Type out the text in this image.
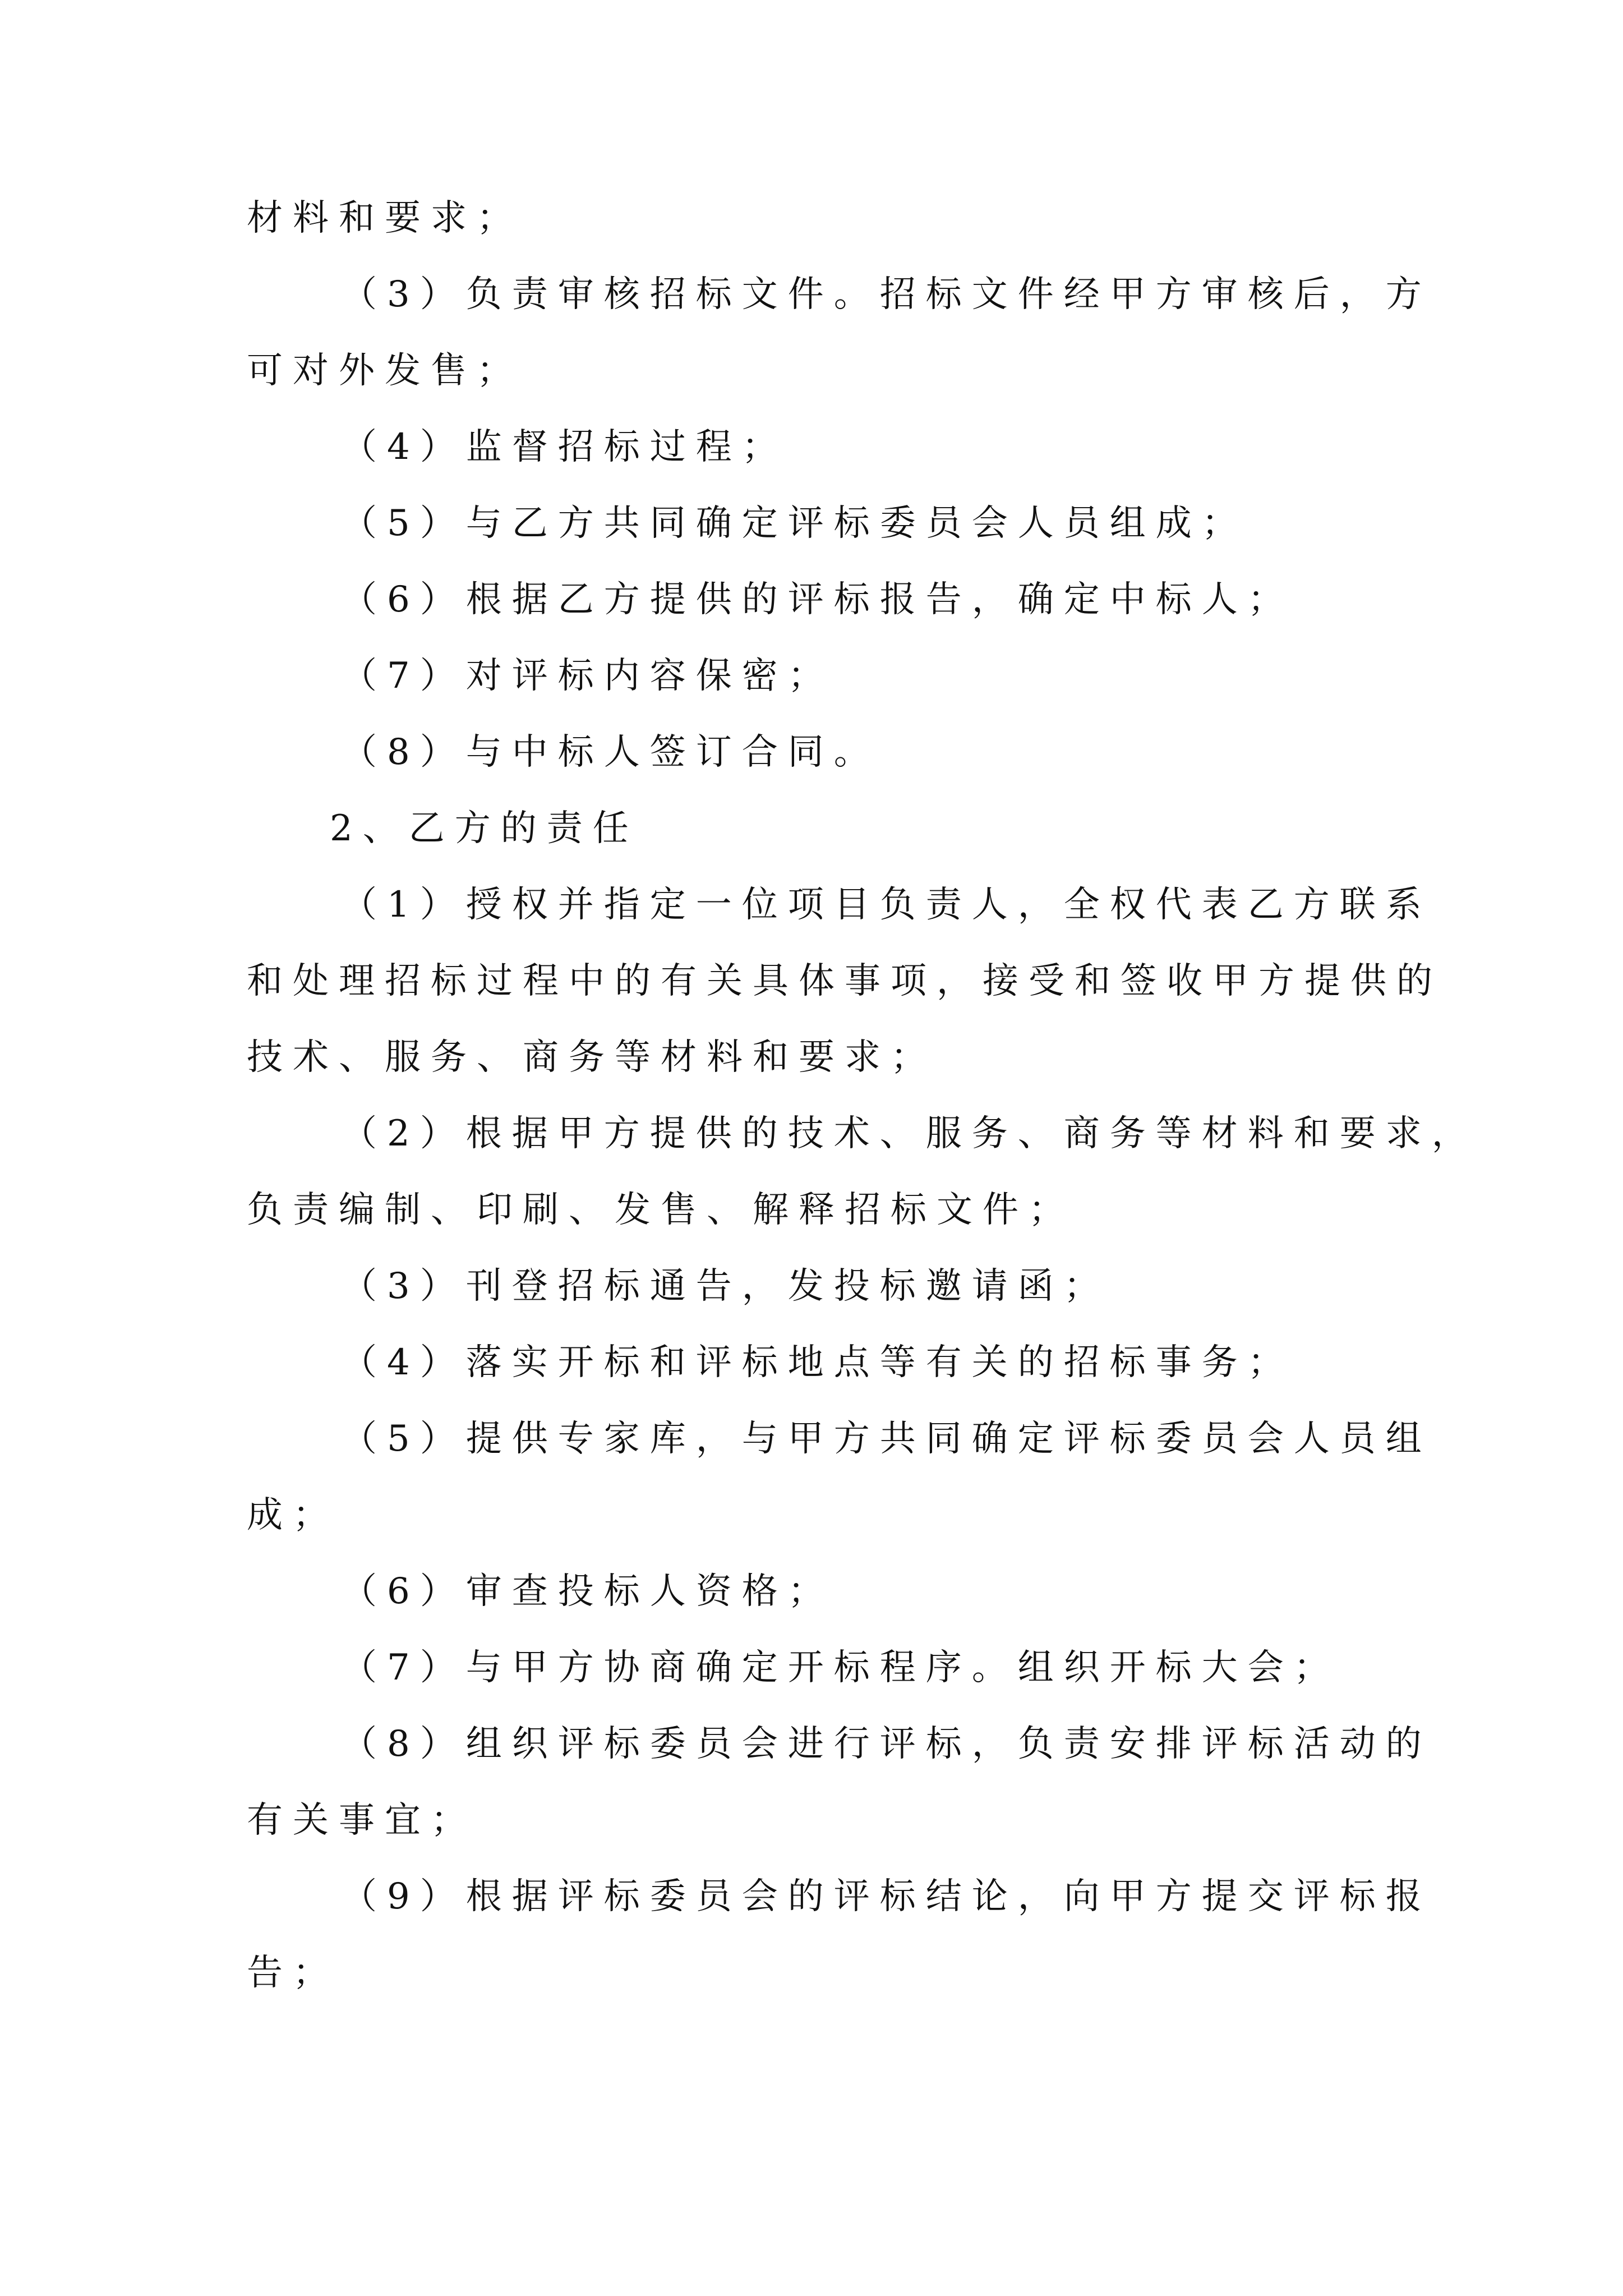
材料和要求；
（3）负责审核招标文件。招标文件经甲方审核后，方
可对外发售；
（4）监督招标过程；
（5）与乙方共同确定评标委员会人员组成；
（6）根据乙方提供的评标报告，确定中标人；
（7）对评标内容保密；
（8）与中标人签订合同。
2、乙方的责任
（1）授权并指定一位项目负责人，全权代表乙方联系
和处理招标过程中的有关具体事项，接受和签收甲方提供的
技术、服务、商务等材料和要求；
（2）根据甲方提供的技术、服务、商务等材料和要求，
负责编制、印刷、发售、解释招标文件；
（3）刊登招标通告，发投标邀请函；
（4）落实开标和评标地点等有关的招标事务；
（5）提供专家库，与甲方共同确定评标委员会人员组
成；
（6）审查投标人资格；
（7）与甲方协商确定开标程序。组织开标大会；
（8）组织评标委员会进行评标，负责安排评标活动的
有关事宜；
（9）根据评标委员会的评标结论，向甲方提交评标报
告；
